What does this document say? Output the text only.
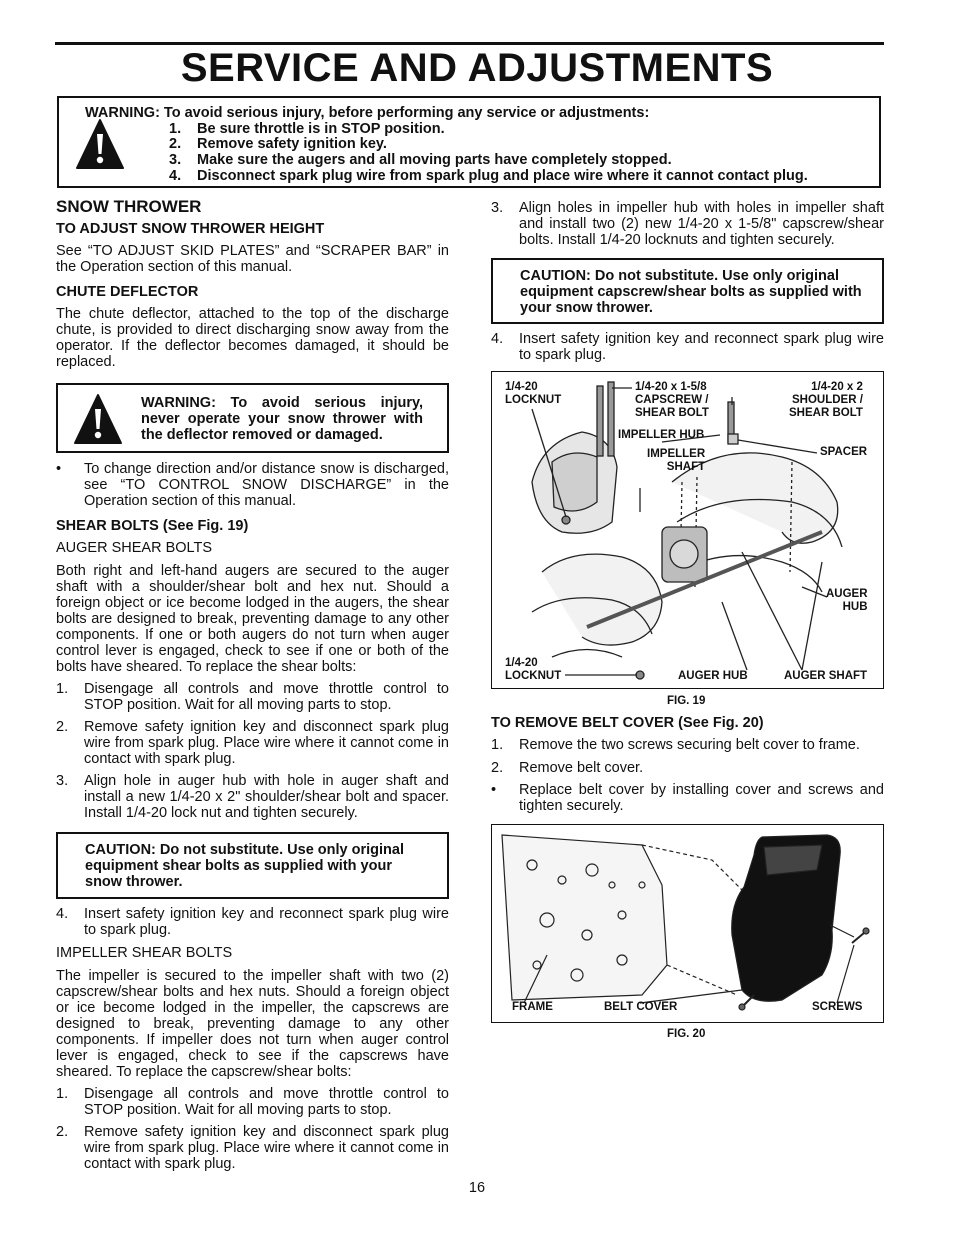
SERVICE AND ADJUSTMENTS
WARNING: To avoid serious injury, before performing any service or adjustments:
1.	Be sure throttle is in STOP position.
2.	Remove safety ignition key.
3.	Make sure the augers and all moving parts have completely stopped.
4.	Disconnect spark plug wire from spark plug and place wire where it cannot contact plug.

SNOW THROWER

TO ADJUST SNOW THROWER HEIGHT

See “TO ADJUST SKID PLATES” and “SCRAPER BAR” in the Operation section of this manual.

CHUTE DEFLECTOR

The chute deflector, attached to the top of the discharge chute, is provided to direct discharging snow away from the operator. If the deflector becomes damaged, it should be replaced.

WARNING: To avoid serious injury, never operate your snow thrower with the deflector removed or damaged.

• To change direction and/or distance snow is discharged, see “TO CONTROL SNOW DISCHARGE” in the Operation section of this manual.

SHEAR BOLTS (See Fig. 19)

AUGER SHEAR BOLTS

Both right and left-hand augers are secured to the auger shaft with a shoulder/shear bolt and hex nut. Should a foreign object or ice become lodged in the augers, the shear bolts are designed to break, preventing damage to any other components. If one or both augers do not turn when auger control lever is engaged, check to see if one or both of the bolts have sheared. To replace the shear bolts:

1. Disengage all controls and move throttle control to STOP position. Wait for all moving parts to stop.

2. Remove safety ignition key and disconnect spark plug wire from spark plug. Place wire where it cannot come in contact with spark plug.

3. Align hole in auger hub with hole in auger shaft and install a new 1/4-20 x 2" shoulder/shear bolt and spacer. Install 1/4-20 lock nut and tighten securely.

CAUTION: Do not substitute. Use only original equipment shear bolts as supplied with your snow thrower.

4. Insert safety ignition key and reconnect spark plug wire to spark plug.

IMPELLER SHEAR BOLTS

The impeller is secured to the impeller shaft with two (2) capscrew/shear bolts and hex nuts. Should a foreign object or ice become lodged in the impeller, the capscrews are designed to break, preventing damage to any other components. If impeller does not turn when auger control lever is engaged, check to see if the capscrews have sheared. To replace the capscrew/shear bolts:

1. Disengage all controls and move throttle control to STOP position. Wait for all moving parts to stop.

2. Remove safety ignition key and disconnect spark plug wire from spark plug. Place wire where it cannot come in contact with spark plug.

3. Align holes in impeller hub with holes in impeller shaft and install two (2) new 1/4-20 x 1-5/8" capscrew/shear bolts. Install 1/4-20 locknuts and tighten securely.

CAUTION: Do not substitute. Use only original equipment capscrew/shear bolts as supplied with your snow thrower.

4. Insert safety ignition key and reconnect spark plug wire to spark plug.

1/4-20
LOCKNUT
1/4-20 x 1-5/8
CAPSCREW /
SHEAR BOLT
1/4-20 x 2
SHOULDER /
SHEAR BOLT
IMPELLER HUB
IMPELLER
SHAFT
SPACER
AUGER
HUB
1/4-20
LOCKNUT	AUGER HUB	AUGER SHAFT
FIG. 19

TO REMOVE BELT COVER (See Fig. 20)

1. Remove the two screws securing belt cover to frame.

2. Remove belt cover.

• Replace belt cover by installing cover and screws and tighten securely.

FRAME	BELT COVER	SCREWS
FIG. 20
16
